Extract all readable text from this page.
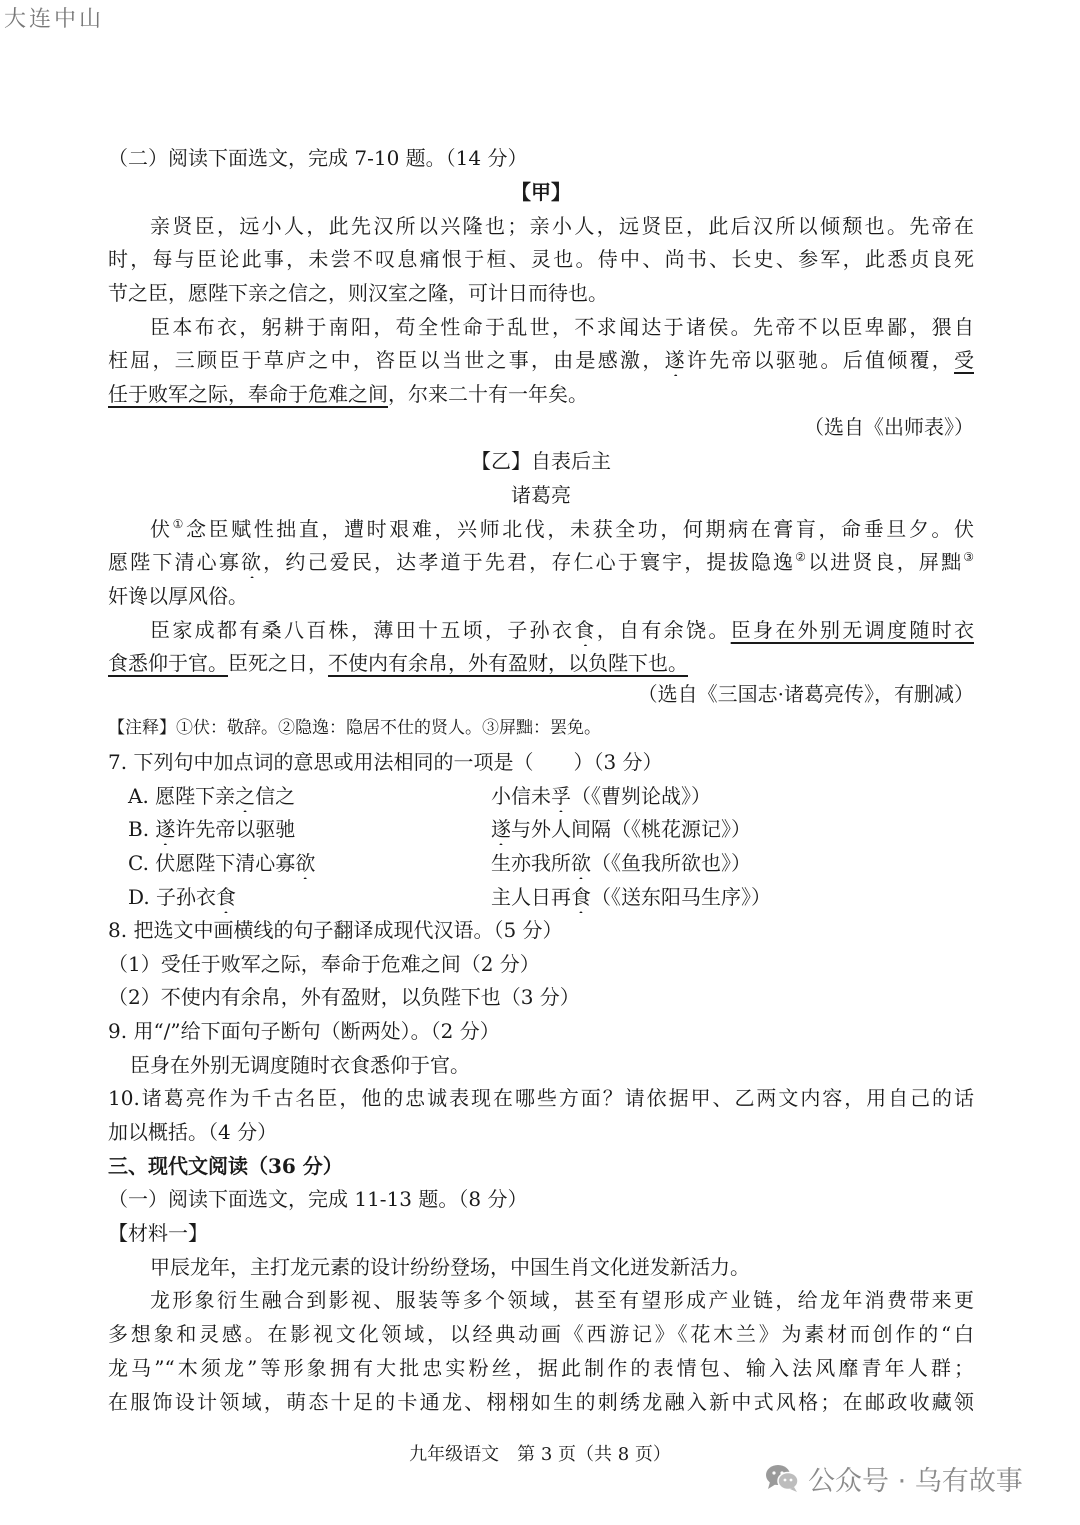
大连中山
（二）阅读下面选文，完成 7-10 题。（14 分）
【甲】
亲贤臣，远小人，此先汉所以兴隆也；亲小人，远贤臣，此后汉所以倾颓也。先帝在
时，每与臣论此事，未尝不叹息痛恨于桓、灵也。侍中、尚书、长史、参军，此悉贞良死
节之臣，愿陛下亲之信之，则汉室之隆，可计日而待也。
臣本布衣，躬耕于南阳，苟全性命于乱世，不求闻达于诸侯。先帝不以臣卑鄙，猥自
枉屈，三顾臣于草庐之中，咨臣以当世之事，由是感激，遂许先帝以驱驰。后值倾覆，受
任于败军之际，奉命于危难之间，尔来二十有一年矣。
（选自《出师表》）
【乙】自表后主
诸葛亮
伏①念臣赋性拙直，遭时艰难，兴师北伐，未获全功，何期病在膏肓，命垂旦夕。伏
愿陛下清心寡欲，约己爱民，达孝道于先君，存仁心于寰宇，提拔隐逸②以进贤良，屏黜③
奸谗以厚风俗。
臣家成都有桑八百株，薄田十五顷，子孙衣食，自有余饶。臣身在外别无调度随时衣
食悉仰于官。臣死之日，不使内有余帛，外有盈财，以负陛下也。
（选自《三国志·诸葛亮传》，有删减）
【注释】①伏：敬辞。②隐逸：隐居不仕的贤人。③屏黜：罢免。
7. 下列句中加点词的意思或用法相同的一项是（　　）（3 分）
A. 愿陛下亲之信之	小信未孚（《曹刿论战》）
B. 遂许先帝以驱驰	遂与外人间隔（《桃花源记》）
C. 伏愿陛下清心寡欲	生亦我所欲（《鱼我所欲也》）
D. 子孙衣食	主人日再食（《送东阳马生序》）
8. 把选文中画横线的句子翻译成现代汉语。（5 分）
（1）受任于败军之际，奉命于危难之间（2 分）
（2）不使内有余帛，外有盈财，以负陛下也（3 分）
9. 用“/”给下面句子断句（断两处）。（2 分）
臣身在外别无调度随时衣食悉仰于官。
10.诸葛亮作为千古名臣，他的忠诚表现在哪些方面？请依据甲、乙两文内容，用自己的话
加以概括。（4 分）
三、现代文阅读（36 分）
（一）阅读下面选文，完成 11-13 题。（8 分）
【材料一】
甲辰龙年，主打龙元素的设计纷纷登场，中国生肖文化迸发新活力。
龙形象衍生融合到影视、服装等多个领域，甚至有望形成产业链，给龙年消费带来更
多想象和灵感。在影视文化领域，以经典动画《西游记》《花木兰》为素材而创作的“白
龙马”“木须龙”等形象拥有大批忠实粉丝，据此制作的表情包、输入法风靡青年人群；
在服饰设计领域，萌态十足的卡通龙、栩栩如生的刺绣龙融入新中式风格；在邮政收藏领
九年级语文　第 3 页（共 8 页）
公众号 · 乌有故事
